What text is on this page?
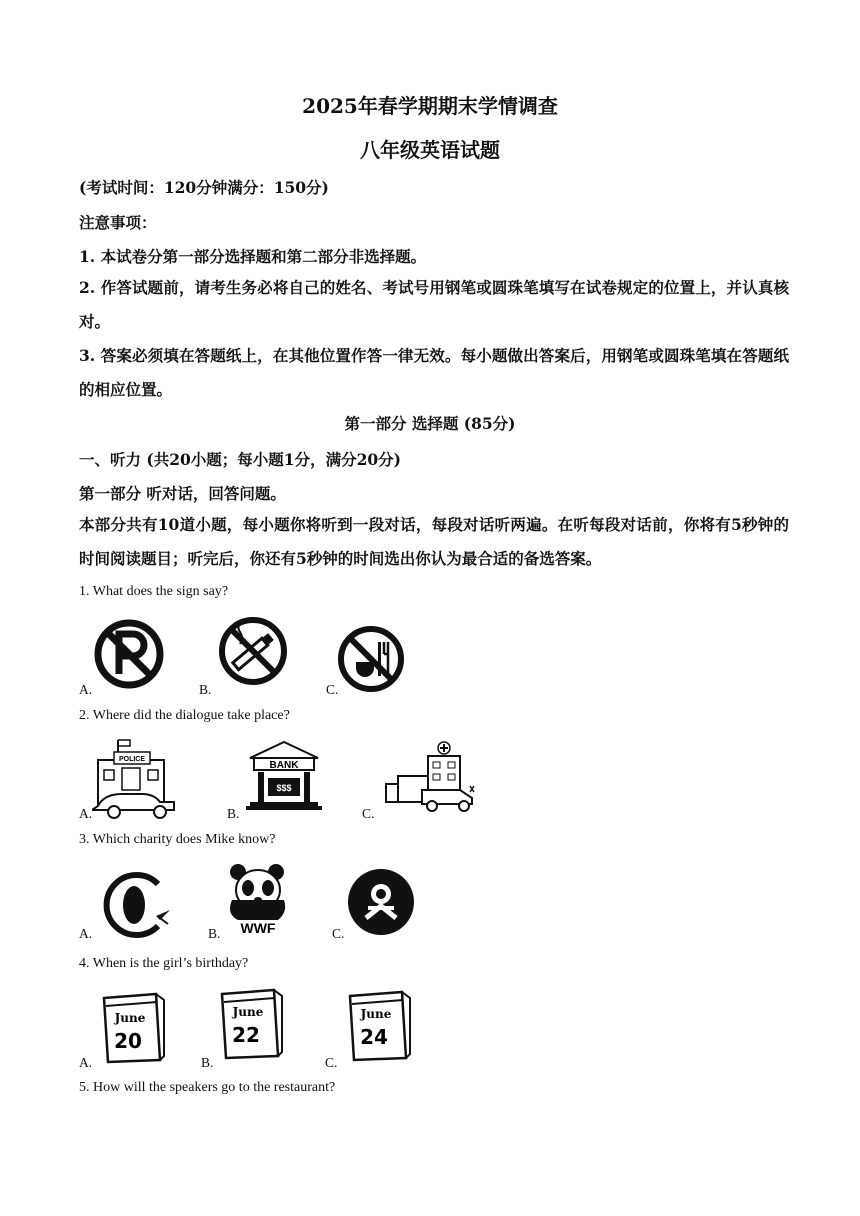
2025年春学期期末学情调查
八年级英语试题
(考试时间：120分钟满分：150分)
注意事项：
1. 本试卷分第一部分选择题和第二部分非选择题。
2. 作答试题前，请考生务必将自己的姓名、考试号用钢笔或圆珠笔填写在试卷规定的位置上，并认真核对。
3. 答案必须填在答题纸上，在其他位置作答一律无效。每小题做出答案后，用钢笔或圆珠笔填在答题纸的相应位置。
第一部分 选择题 (85分)
一、听力 (共20小题；每小题1分，满分20分)
第一部分 听对话，回答问题。
本部分共有10道小题，每小题你将听到一段对话，每段对话听两遍。在听每段对话前，你将有5秒钟的时间阅读题目；听完后，你还有5秒钟的时间选出你认为最合适的备选答案。
1. What does the sign say?
A.	B.	C.
2. Where did the dialogue take place?
A.	B.	C.
POLICE
BANK
$$$
3. Which charity does Mike know?
A.	B.	C.
WWF
4. When is the girl’s birthday?
A.	B.	C.
June
20
June
22
June
24
5. How will the speakers go to the restaurant?
